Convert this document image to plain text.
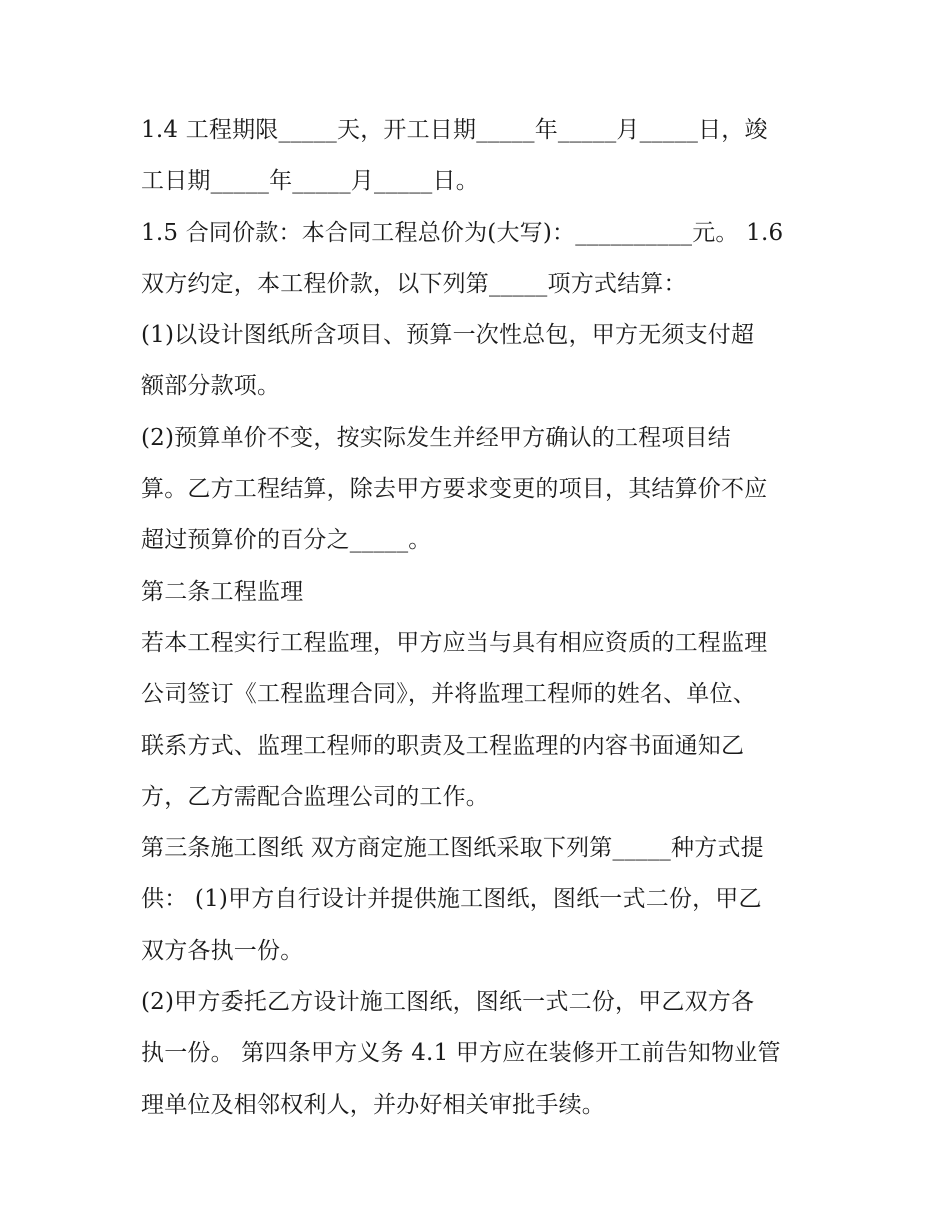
1.4 工程期限_____天，开工日期_____年_____月_____日，竣
工日期_____年_____月_____日。
1.5 合同价款：本合同工程总价为(大写)：__________元。 1.6
双方约定，本工程价款，以下列第_____项方式结算：
(1)以设计图纸所含项目、预算一次性总包，甲方无须支付超
额部分款项。
(2)预算单价不变，按实际发生并经甲方确认的工程项目结
算。乙方工程结算，除去甲方要求变更的项目，其结算价不应
超过预算价的百分之_____。
第二条工程监理
若本工程实行工程监理，甲方应当与具有相应资质的工程监理
公司签订《工程监理合同》，并将监理工程师的姓名、单位、
联系方式、监理工程师的职责及工程监理的内容书面通知乙
方，乙方需配合监理公司的工作。
第三条施工图纸 双方商定施工图纸采取下列第_____种方式提
供： (1)甲方自行设计并提供施工图纸，图纸一式二份，甲乙
双方各执一份。
(2)甲方委托乙方设计施工图纸，图纸一式二份，甲乙双方各
执一份。 第四条甲方义务 4.1 甲方应在装修开工前告知物业管
理单位及相邻权利人，并办好相关审批手续。
